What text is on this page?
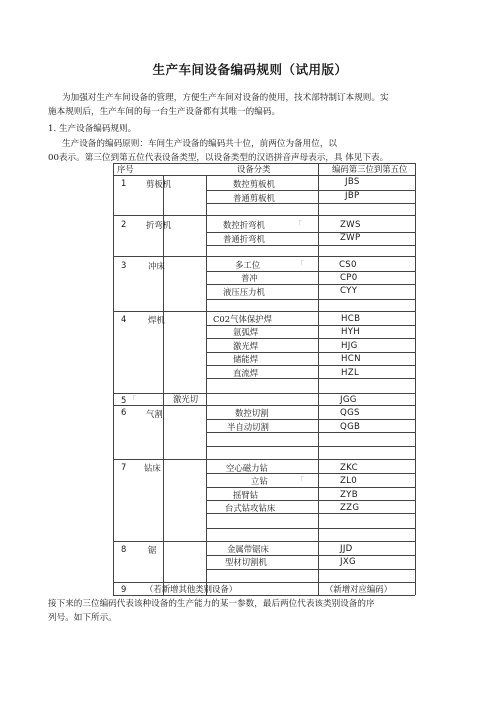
生产车间设备编码规则（试用版）
为加强对生产车间设备的管理，方便生产车间对设备的使用，技术部特制订本规则。实
施本规则后，生产车间的每一台生产设备都有其唯一的编码。
1. 生产设备编码规则。
生产设备的编码原则：车间生产设备的编码共十位，前两位为备用位，以
00表示。第三位到第五位代表设备类型，以设备类型的汉语拼音声母表示，具 体见下表。
序号	设备分类	编码第三位到第五位
1 剪板机	数控剪板机	JBS
普通剪板机	JBP
2 折弯机	数控折弯机	「	ZWS
普通折弯机	ZWP
3	冲床	多工位	「	CS0
普冲	CP0
液压压力机	CYY
4	焊机	C02气体保护焊	HCB
氩弧焊	HYH
激光焊	HJG
储能焊	HCN
直流焊	HZL
5 「	激光切	JGG
6 气割	数控切割	QGS
半自动切割	QGB
7 钻床	空心磁力钻	ZKC
立钻	「	ZL0
摇臂钻	ZYB
台式钻攻钻床	ZZG
8	锯	金属带锯床	JJD
型材切割机	JXG
9 （若新增其他类别设备）	（新增对应编码）
接下来的三位编码代表该种设备的生产能力的某一参数，最后两位代表该类别设备的序
列号。如下所示。
